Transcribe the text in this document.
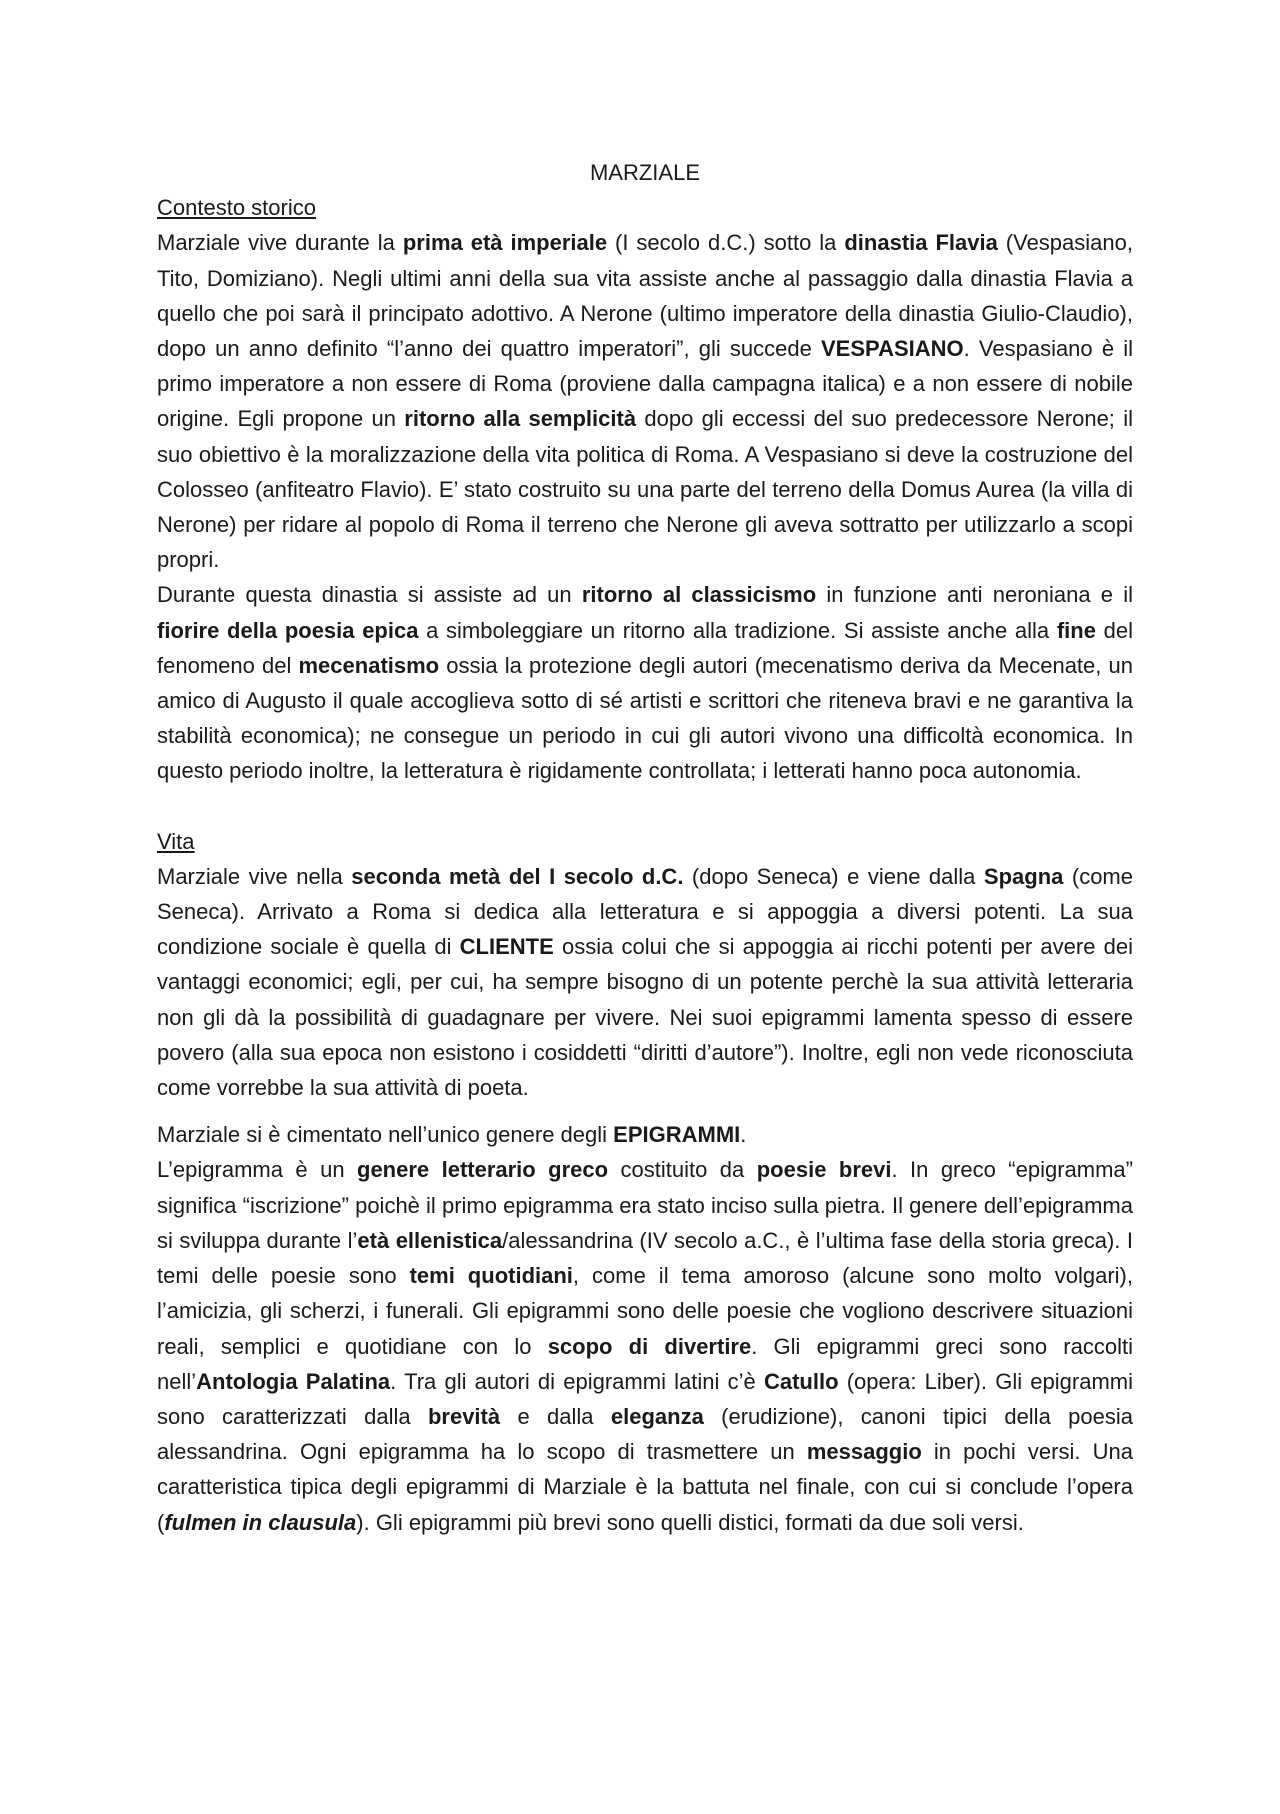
MARZIALE
Contesto storico

Marziale vive durante la prima età imperiale (I secolo d.C.) sotto la dinastia Flavia (Vespasiano, Tito, Domiziano). Negli ultimi anni della sua vita assiste anche al passaggio dalla dinastia Flavia a quello che poi sarà il principato adottivo. A Nerone (ultimo imperatore della dinastia Giulio-Claudio), dopo un anno definito “l’anno dei quattro imperatori”, gli succede VESPASIANO. Vespasiano è il primo imperatore a non essere di Roma (proviene dalla campagna italica) e a non essere di nobile origine. Egli propone un ritorno alla semplicità dopo gli eccessi del suo predecessore Nerone; il suo obiettivo è la moralizzazione della vita politica di Roma. A Vespasiano si deve la costruzione del Colosseo (anfiteatro Flavio). E’ stato costruito su una parte del terreno della Domus Aurea (la villa di Nerone) per ridare al popolo di Roma il terreno che Nerone gli aveva sottratto per utilizzarlo a scopi propri.

Durante questa dinastia si assiste ad un ritorno al classicismo in funzione anti neroniana e il fiorire della poesia epica a simboleggiare un ritorno alla tradizione. Si assiste anche alla fine del fenomeno del mecenatismo ossia la protezione degli autori (mecenatismo deriva da Mecenate, un amico di Augusto il quale accoglieva sotto di sé artisti e scrittori che riteneva bravi e ne garantiva la stabilità economica); ne consegue un periodo in cui gli autori vivono una difficoltà economica. In questo periodo inoltre, la letteratura è rigidamente controllata; i letterati hanno poca autonomia.

Vita

Marziale vive nella seconda metà del I secolo d.C. (dopo Seneca) e viene dalla Spagna (come Seneca). Arrivato a Roma si dedica alla letteratura e si appoggia a diversi potenti. La sua condizione sociale è quella di CLIENTE ossia colui che si appoggia ai ricchi potenti per avere dei vantaggi economici; egli, per cui, ha sempre bisogno di un potente perchè la sua attività letteraria non gli dà la possibilità di guadagnare per vivere. Nei suoi epigrammi lamenta spesso di essere povero (alla sua epoca non esistono i cosiddetti “diritti d’autore”). Inoltre, egli non vede riconosciuta come vorrebbe la sua attività di poeta.

Marziale si è cimentato nell’unico genere degli EPIGRAMMI.

L’epigramma è un genere letterario greco costituito da poesie brevi. In greco “epigramma” significa “iscrizione” poichè il primo epigramma era stato inciso sulla pietra. Il genere dell’epigramma si sviluppa durante l’età ellenistica/alessandrina (IV secolo a.C., è l’ultima fase della storia greca). I temi delle poesie sono temi quotidiani, come il tema amoroso (alcune sono molto volgari), l’amicizia, gli scherzi, i funerali. Gli epigrammi sono delle poesie che vogliono descrivere situazioni reali, semplici e quotidiane con lo scopo di divertire. Gli epigrammi greci sono raccolti nell’Antologia Palatina. Tra gli autori di epigrammi latini c’è Catullo (opera: Liber). Gli epigrammi sono caratterizzati dalla brevità e dalla eleganza (erudizione), canoni tipici della poesia alessandrina. Ogni epigramma ha lo scopo di trasmettere un messaggio in pochi versi. Una caratteristica tipica degli epigrammi di Marziale è la battuta nel finale, con cui si conclude l’opera (fulmen in clausula). Gli epigrammi più brevi sono quelli distici, formati da due soli versi.
